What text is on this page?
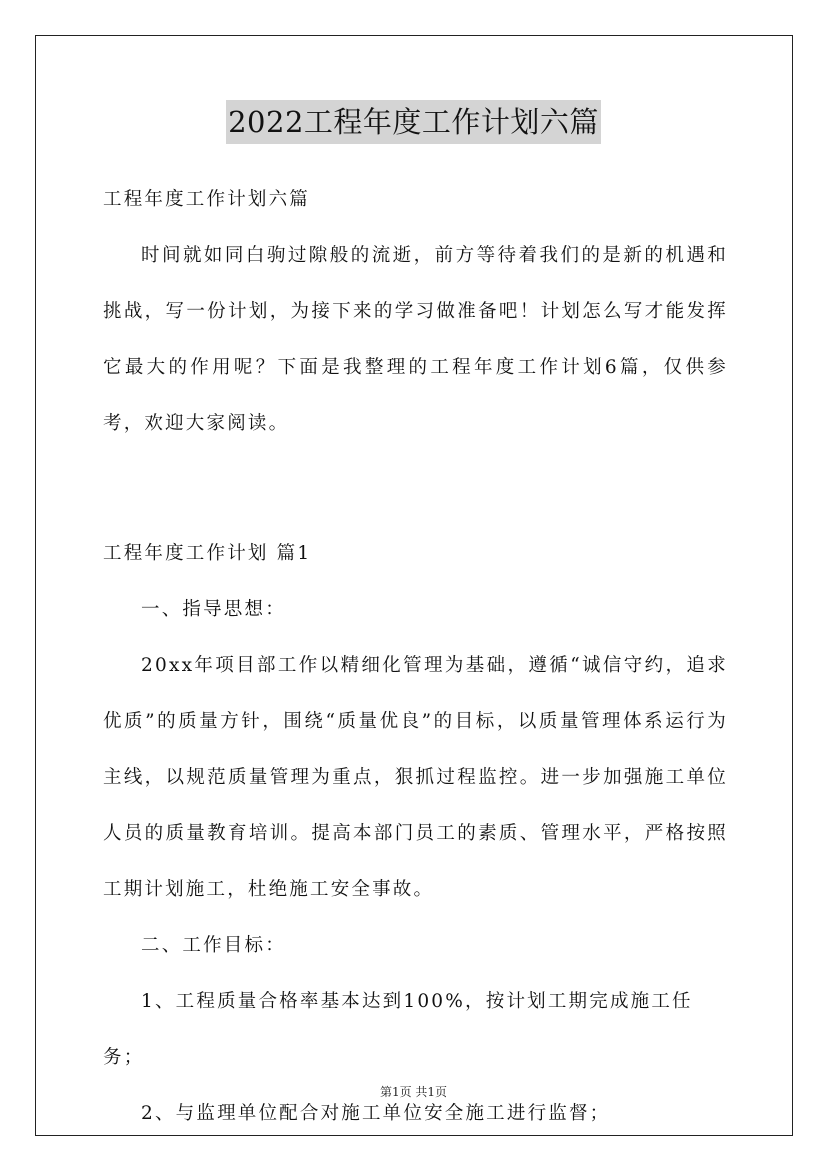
2022工程年度工作计划六篇

工程年度工作计划六篇

时间就如同白驹过隙般的流逝，前方等待着我们的是新的机遇和挑战，写一份计划，为接下来的学习做准备吧！计划怎么写才能发挥它最大的作用呢？下面是我整理的工程年度工作计划6篇，仅供参考，欢迎大家阅读。

工程年度工作计划 篇1

一、指导思想：

20xx年项目部工作以精细化管理为基础，遵循“诚信守约，追求优质”的质量方针，围绕“质量优良”的目标，以质量管理体系运行为主线，以规范质量管理为重点，狠抓过程监控。进一步加强施工单位人员的质量教育培训。提高本部门员工的素质、管理水平，严格按照工期计划施工，杜绝施工安全事故。

二、工作目标：

1、工程质量合格率基本达到100%，按计划工期完成施工任务；

2、与监理单位配合对施工单位安全施工进行监督；

第1页 共1页
